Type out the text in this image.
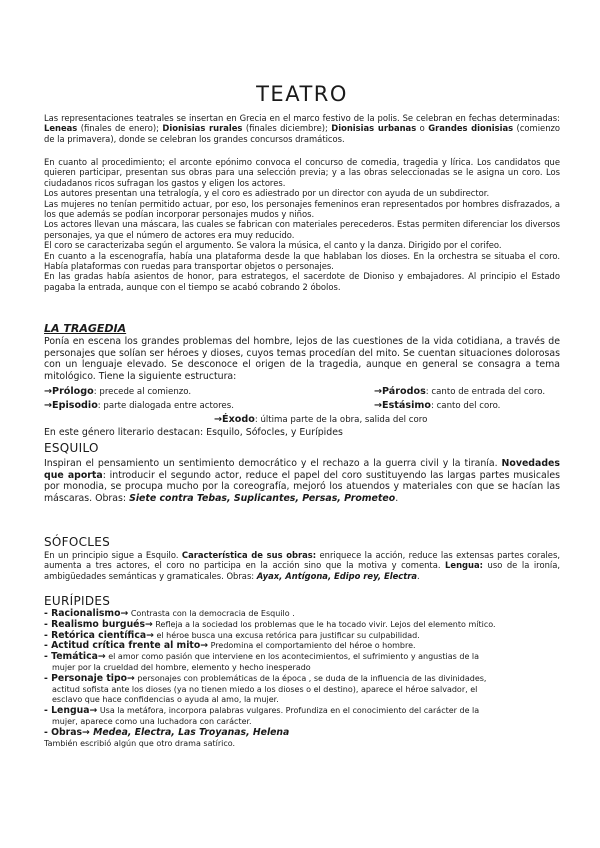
TEATRO

Las representaciones teatrales se insertan en Grecia en el marco festivo de la polis. Se celebran en fechas determinadas: Leneas (finales de enero); Dionisias rurales (finales diciembre); Dionisias urbanas o Grandes dionisias (comienzo de la primavera), donde se celebran los grandes concursos dramáticos.

En cuanto al procedimiento; el arconte epónimo convoca el concurso de comedia, tragedia y lírica. Los candidatos que quieren participar, presentan sus obras para una selección previa; y a las obras seleccionadas se le asigna un coro. Los ciudadanos ricos sufragan los gastos y eligen los actores.

Los autores presentan una tetralogía, y el coro es adiestrado por un director con ayuda de un subdirector.

Las mujeres no tenían permitido actuar, por eso, los personajes femeninos eran representados por hombres disfrazados, a los que además se podían incorporar personajes mudos y niños.

Los actores llevan una máscara, las cuales se fabrican con materiales perecederos. Estas permiten diferenciar los diversos personajes, ya que el número de actores era muy reducido.

El coro se caracterizaba según el argumento. Se valora la música, el canto y la danza. Dirigido por el corifeo.

En cuanto a la escenografía, había una plataforma desde la que hablaban los dioses. En la orchestra se situaba el coro. Había plataformas con ruedas para transportar objetos o personajes.

En las gradas había asientos de honor, para estrategos, el sacerdote de Dioniso y embajadores. Al principio el Estado pagaba la entrada, aunque con el tiempo se acabó cobrando 2 óbolos.

LA TRAGEDIA
Ponía en escena los grandes problemas del hombre, lejos de las cuestiones de la vida cotidiana, a través de personajes que solían ser héroes y dioses, cuyos temas procedían del mito. Se cuentan situaciones dolorosas con un lenguaje elevado. Se desconoce el origen de la tragedia, aunque en general se consagra a tema mitológico. Tiene la siguiente estructura:
→Prólogo: precede al comienzo.	→Párodos: canto de entrada del coro.
→Episodio: parte dialogada entre actores.	→Estásimo: canto del coro.
→Éxodo: última parte de la obra, salida del coro
En este género literario destacan: Esquilo, Sófocles, y Eurípides
ESQUILO

Inspiran el pensamiento un sentimiento democrático y el rechazo a la guerra civil y la tiranía. Novedades que aporta: introducir el segundo actor, reduce el papel del coro sustituyendo las largas partes musicales por monodia, se procupa mucho por la coreografía, mejoró los atuendos y materiales con que se hacían las máscaras. Obras: Siete contra Tebas, Suplicantes, Persas, Prometeo.

SÓFOCLES

En un principio sigue a Esquilo. Característica de sus obras: enriquece la acción, reduce las extensas partes corales, aumenta a tres actores, el coro no participa en la acción sino que la motiva y comenta. Lengua: uso de la ironía, ambigüedades semánticas y gramaticales. Obras: Ayax, Antígona, Edipo rey, Electra.

EURÍPIDES

- Racionalismo→ Contrasta con la democracia de Esquilo .

- Realismo burgués→ Refleja a la sociedad los problemas que le ha tocado vivir. Lejos del elemento mítico.

- Retórica científica→ el héroe busca una excusa retórica para justificar su culpabilidad.

- Actitud crítica frente al mito→ Predomina el comportamiento del héroe o hombre.

- Temática→ el amor como pasión que interviene en los acontecimientos, el sufrimiento y angustias de la

mujer por la crueldad del hombre, elemento y hecho inesperado

- Personaje tipo→ personajes con problemáticas de la época , se duda de la influencia de las divinidades,

actitud sofista ante los dioses (ya no tienen miedo a los dioses o el destino), aparece el héroe salvador, el

esclavo que hace confidencias o ayuda al amo, la mujer.

- Lengua→ Usa la metáfora, incorpora palabras vulgares. Profundiza en el conocimiento del carácter de la

mujer, aparece como una luchadora con carácter.

- Obras→ Medea, Electra, Las Troyanas, Helena

También escribió algún que otro drama satírico.
